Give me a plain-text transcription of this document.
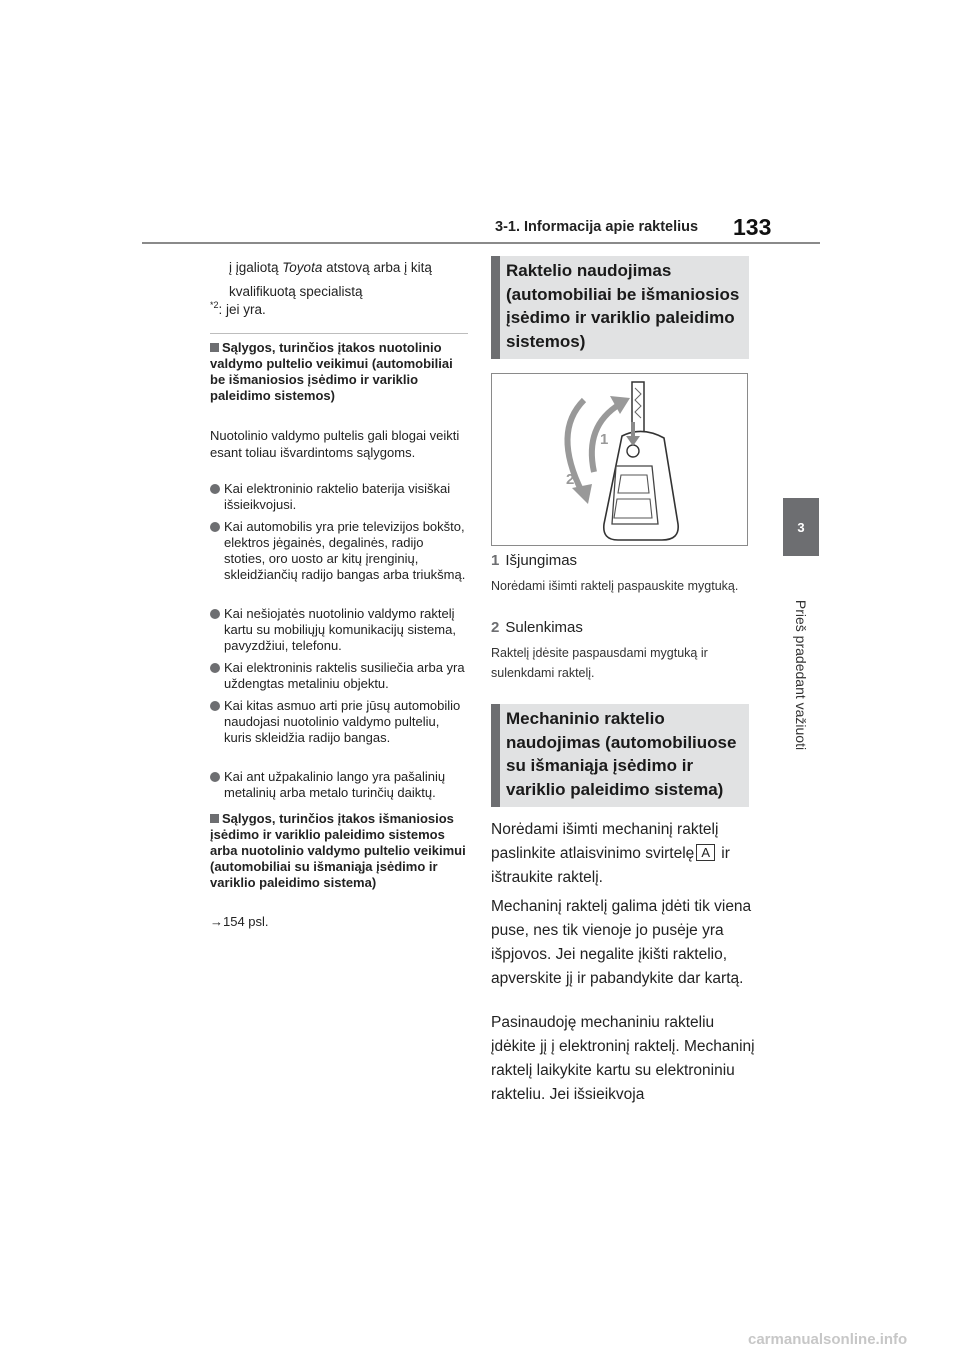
3-1. Informacija apie raktelius 133
3
Prieš pradedant važiuoti
į įgaliotą Toyota atstovą arba į kitą kvalifikuotą specialistą
$^{*2}$: jei yra.
Sąlygos, turinčios įtakos nuotolinio valdymo pultelio veikimui (automobiliai be išmaniosios įsėdimo ir variklio paleidimo sistemos)
Nuotolinio valdymo pultelis gali blogai veikti esant toliau išvardintoms sąlygoms.
Kai elektroninio raktelio baterija visiškai išsieikvojusi.
Kai automobilis yra prie televizijos bokšto, elektros jėgainės, degalinės, radijo stoties, oro uosto ar kitų įrenginių, skleidžiančių radijo bangas arba triukšmą.
Kai nešiojatės nuotolinio valdymo raktelį kartu su mobiliųjų komunikacijų sistema, pavyzdžiui, telefonu.
Kai elektroninis raktelis susiliečia arba yra uždengtas metaliniu objektu.
Kai kitas asmuo arti prie jūsų automobilio naudojasi nuotolinio valdymo pulteliu, kuris skleidžia radijo bangas.
Kai ant užpakalinio lango yra pašalinių metalinių arba metalo turinčių daiktų.
Sąlygos, turinčios įtakos išmaniosios įsėdimo ir variklio paleidimo sistemos arba nuotolinio valdymo pultelio veikimui (automobiliai su išmaniąja įsėdimo ir variklio paleidimo sistema)
→154 psl.
Raktelio naudojimas (automobiliai be išmaniosios įsėdimo ir variklio paleidimo sistemos)
1
2
1 Išjungimas
Norėdami išimti raktelį paspauskite mygtuką.
2 Sulenkimas
Raktelį įdėsite paspausdami mygtuką ir sulenkdami raktelį.
Mechaninio raktelio naudojimas (automobiliuose su išmaniąja įsėdimo ir variklio paleidimo sistema)
Norėdami išimti mechaninį raktelį paslinkite atlaisvinimo svirtelę A ir ištraukite raktelį.
Mechaninį raktelį galima įdėti tik viena puse, nes tik vienoje jo pusėje yra išpjovos. Jei negalite įkišti raktelio, apverskite jį ir pabandykite dar kartą.
Pasinaudoję mechaniniu rakteliu įdėkite jį į elektroninį raktelį. Mechaninį raktelį laikykite kartu su elektroniniu rakteliu. Jei išsieikvoja
carmanualsonline.info
